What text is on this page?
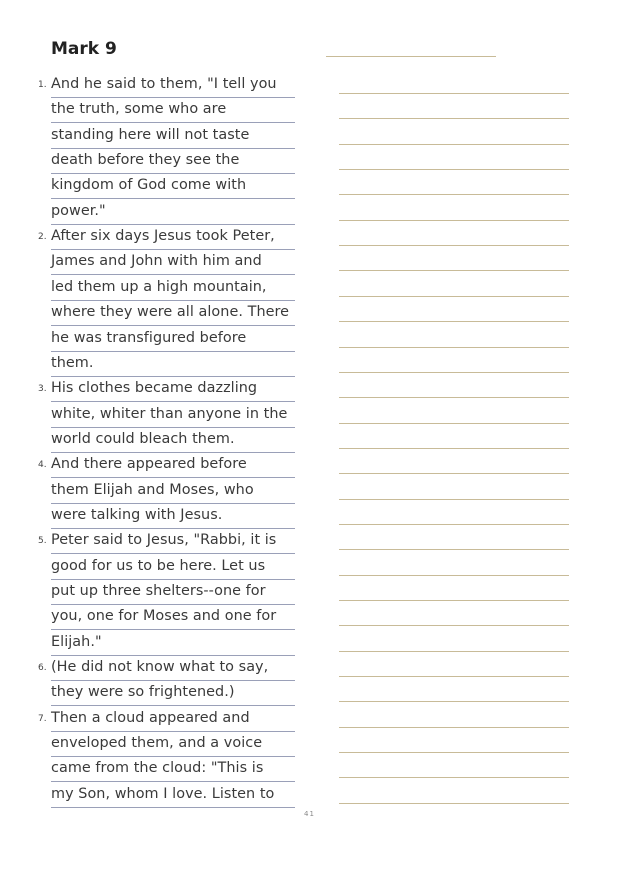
Mark 9
1. And he said to them, "I tell you
the truth, some who are
standing here will not taste
death before they see the
kingdom of God come with
power."
2. After six days Jesus took Peter,
James and John with him and
led them up a high mountain,
where they were all alone. There
he was transfigured before
them.
3. His clothes became dazzling
white, whiter than anyone in the
world could bleach them.
4. And there appeared before
them Elijah and Moses, who
were talking with Jesus.
5. Peter said to Jesus, "Rabbi, it is
good for us to be here. Let us
put up three shelters--one for
you, one for Moses and one for
Elijah."
6. (He did not know what to say,
they were so frightened.)
7. Then a cloud appeared and
enveloped them, and a voice
came from the cloud: "This is
my Son, whom I love. Listen to
41
